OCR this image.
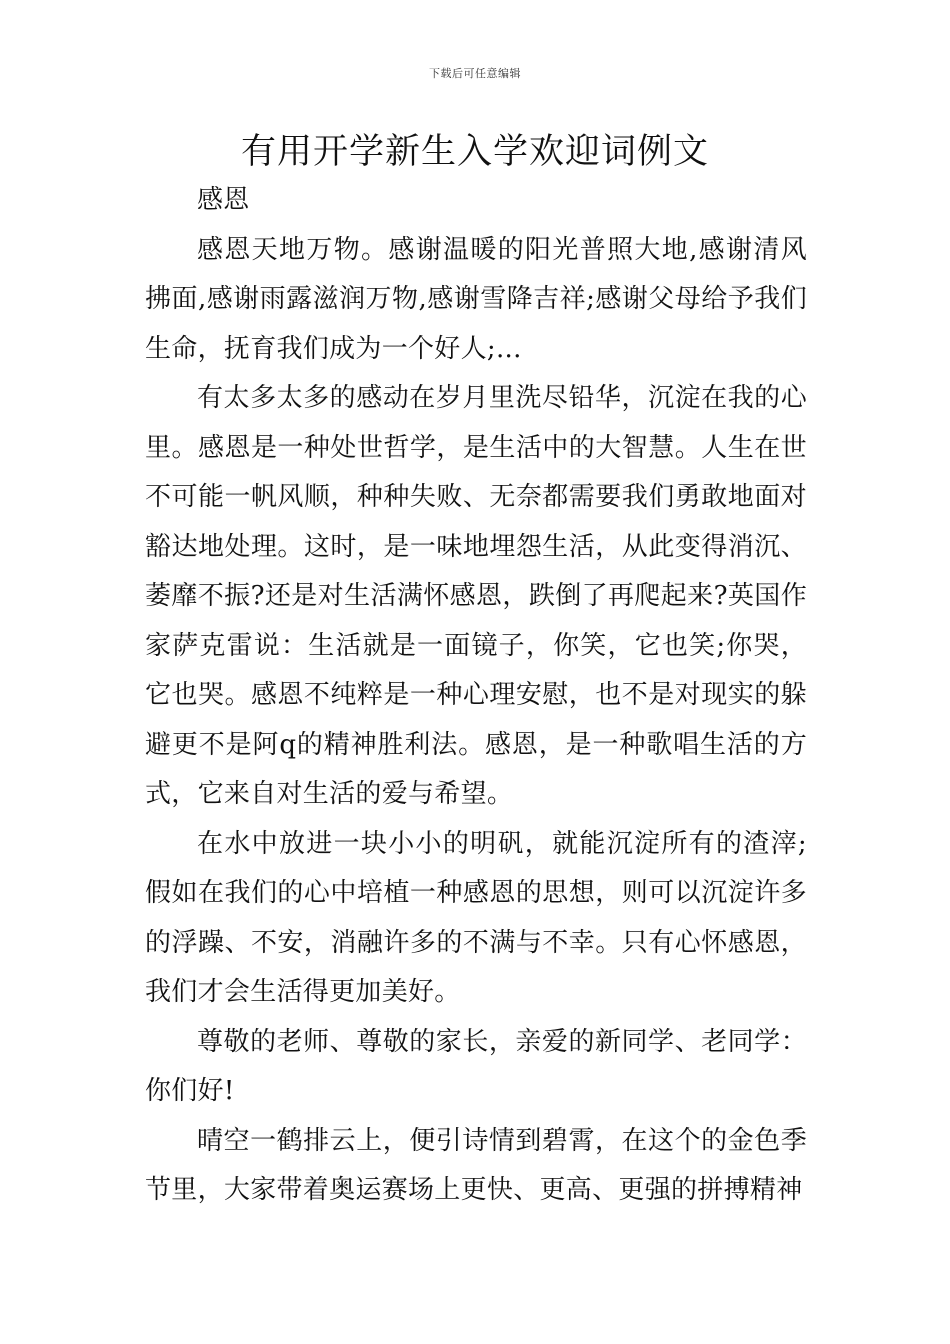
下载后可任意编辑
有用开学新生入学欢迎词例文

感恩

感恩天地万物。感谢温暖的阳光普照大地,感谢清风拂面,感谢雨露滋润万物,感谢雪降吉祥;感谢父母给予我们生命，抚育我们成为一个好人;...

有太多太多的感动在岁月里洗尽铅华，沉淀在我的心里。感恩是一种处世哲学，是生活中的大智慧。人生在世不可能一帆风顺，种种失败、无奈都需要我们勇敢地面对豁达地处理。这时，是一味地埋怨生活，从此变得消沉、萎靡不振?还是对生活满怀感恩，跌倒了再爬起来?英国作家萨克雷说：生活就是一面镜子，你笑，它也笑;你哭，它也哭。感恩不纯粹是一种心理安慰，也不是对现实的躲避更不是阿q的精神胜利法。感恩，是一种歌唱生活的方式，它来自对生活的爱与希望。

在水中放进一块小小的明矾，就能沉淀所有的渣滓;假如在我们的心中培植一种感恩的思想，则可以沉淀许多的浮躁、不安，消融许多的不满与不幸。只有心怀感恩，我们才会生活得更加美好。

尊敬的老师、尊敬的家长，亲爱的新同学、老同学：你们好!

晴空一鹤排云上，便引诗情到碧霄，在这个的金色季节里，大家带着奥运赛场上更快、更高、更强的拼搏精神
